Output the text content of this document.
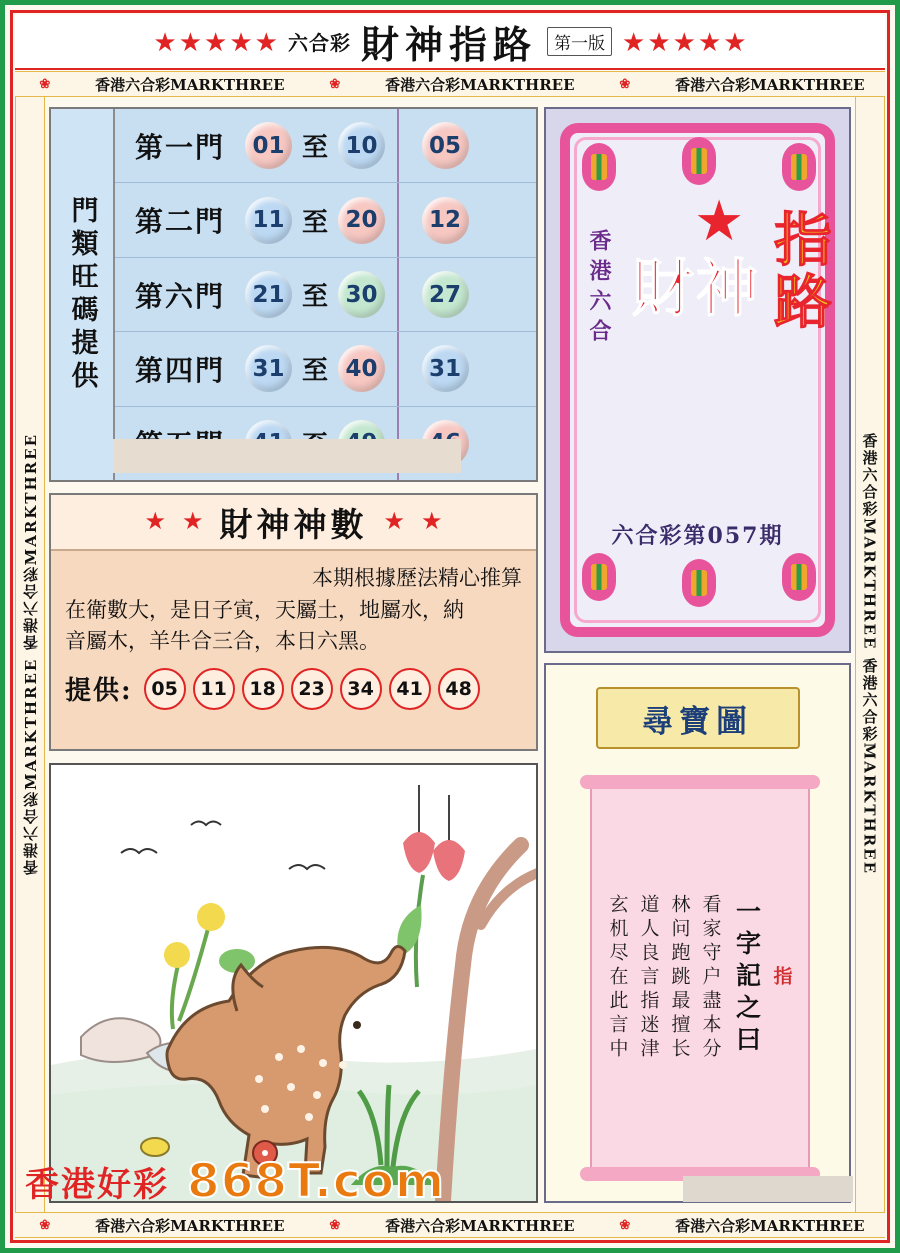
★ ★ ★ ★ ★ 六合彩 財神指路	第一版 ★ ★ ★ ★ ★
❀	香港六合彩MARKTHREE	❀	香港六合彩MARKTHREE	❀	香港六合彩MARKTHREE
香港六合彩MARKTHREE 香港六合彩MARKTHREE	香港六合彩MARKTHREE 香港六合彩MARKTHREE
門類旺碼提供
第一門	01 至 10	05
第二門	11 至 20	12
第六門	21 至 30	27
第四門	31 至 40	31
★
香港六合 財神 指路
六合彩第057期
★ ★ 財神神數 ★ ★
本期根據歷法精心推算
在衛數大，是日子寅，天屬土，地屬水，納
音屬木，羊牛合三合，本日六黑。
提供: 05	11	18	23	34	41	48
尋寶圖
指
一字記之曰
看家守户盡本分
林问跑跳最擅长
道人良言指迷津
玄机尽在此言中
香港好彩 868T.com
❀	香港六合彩MARKTHREE	❀	香港六合彩MARKTHREE	❀	香港六合彩MARKTHREE
